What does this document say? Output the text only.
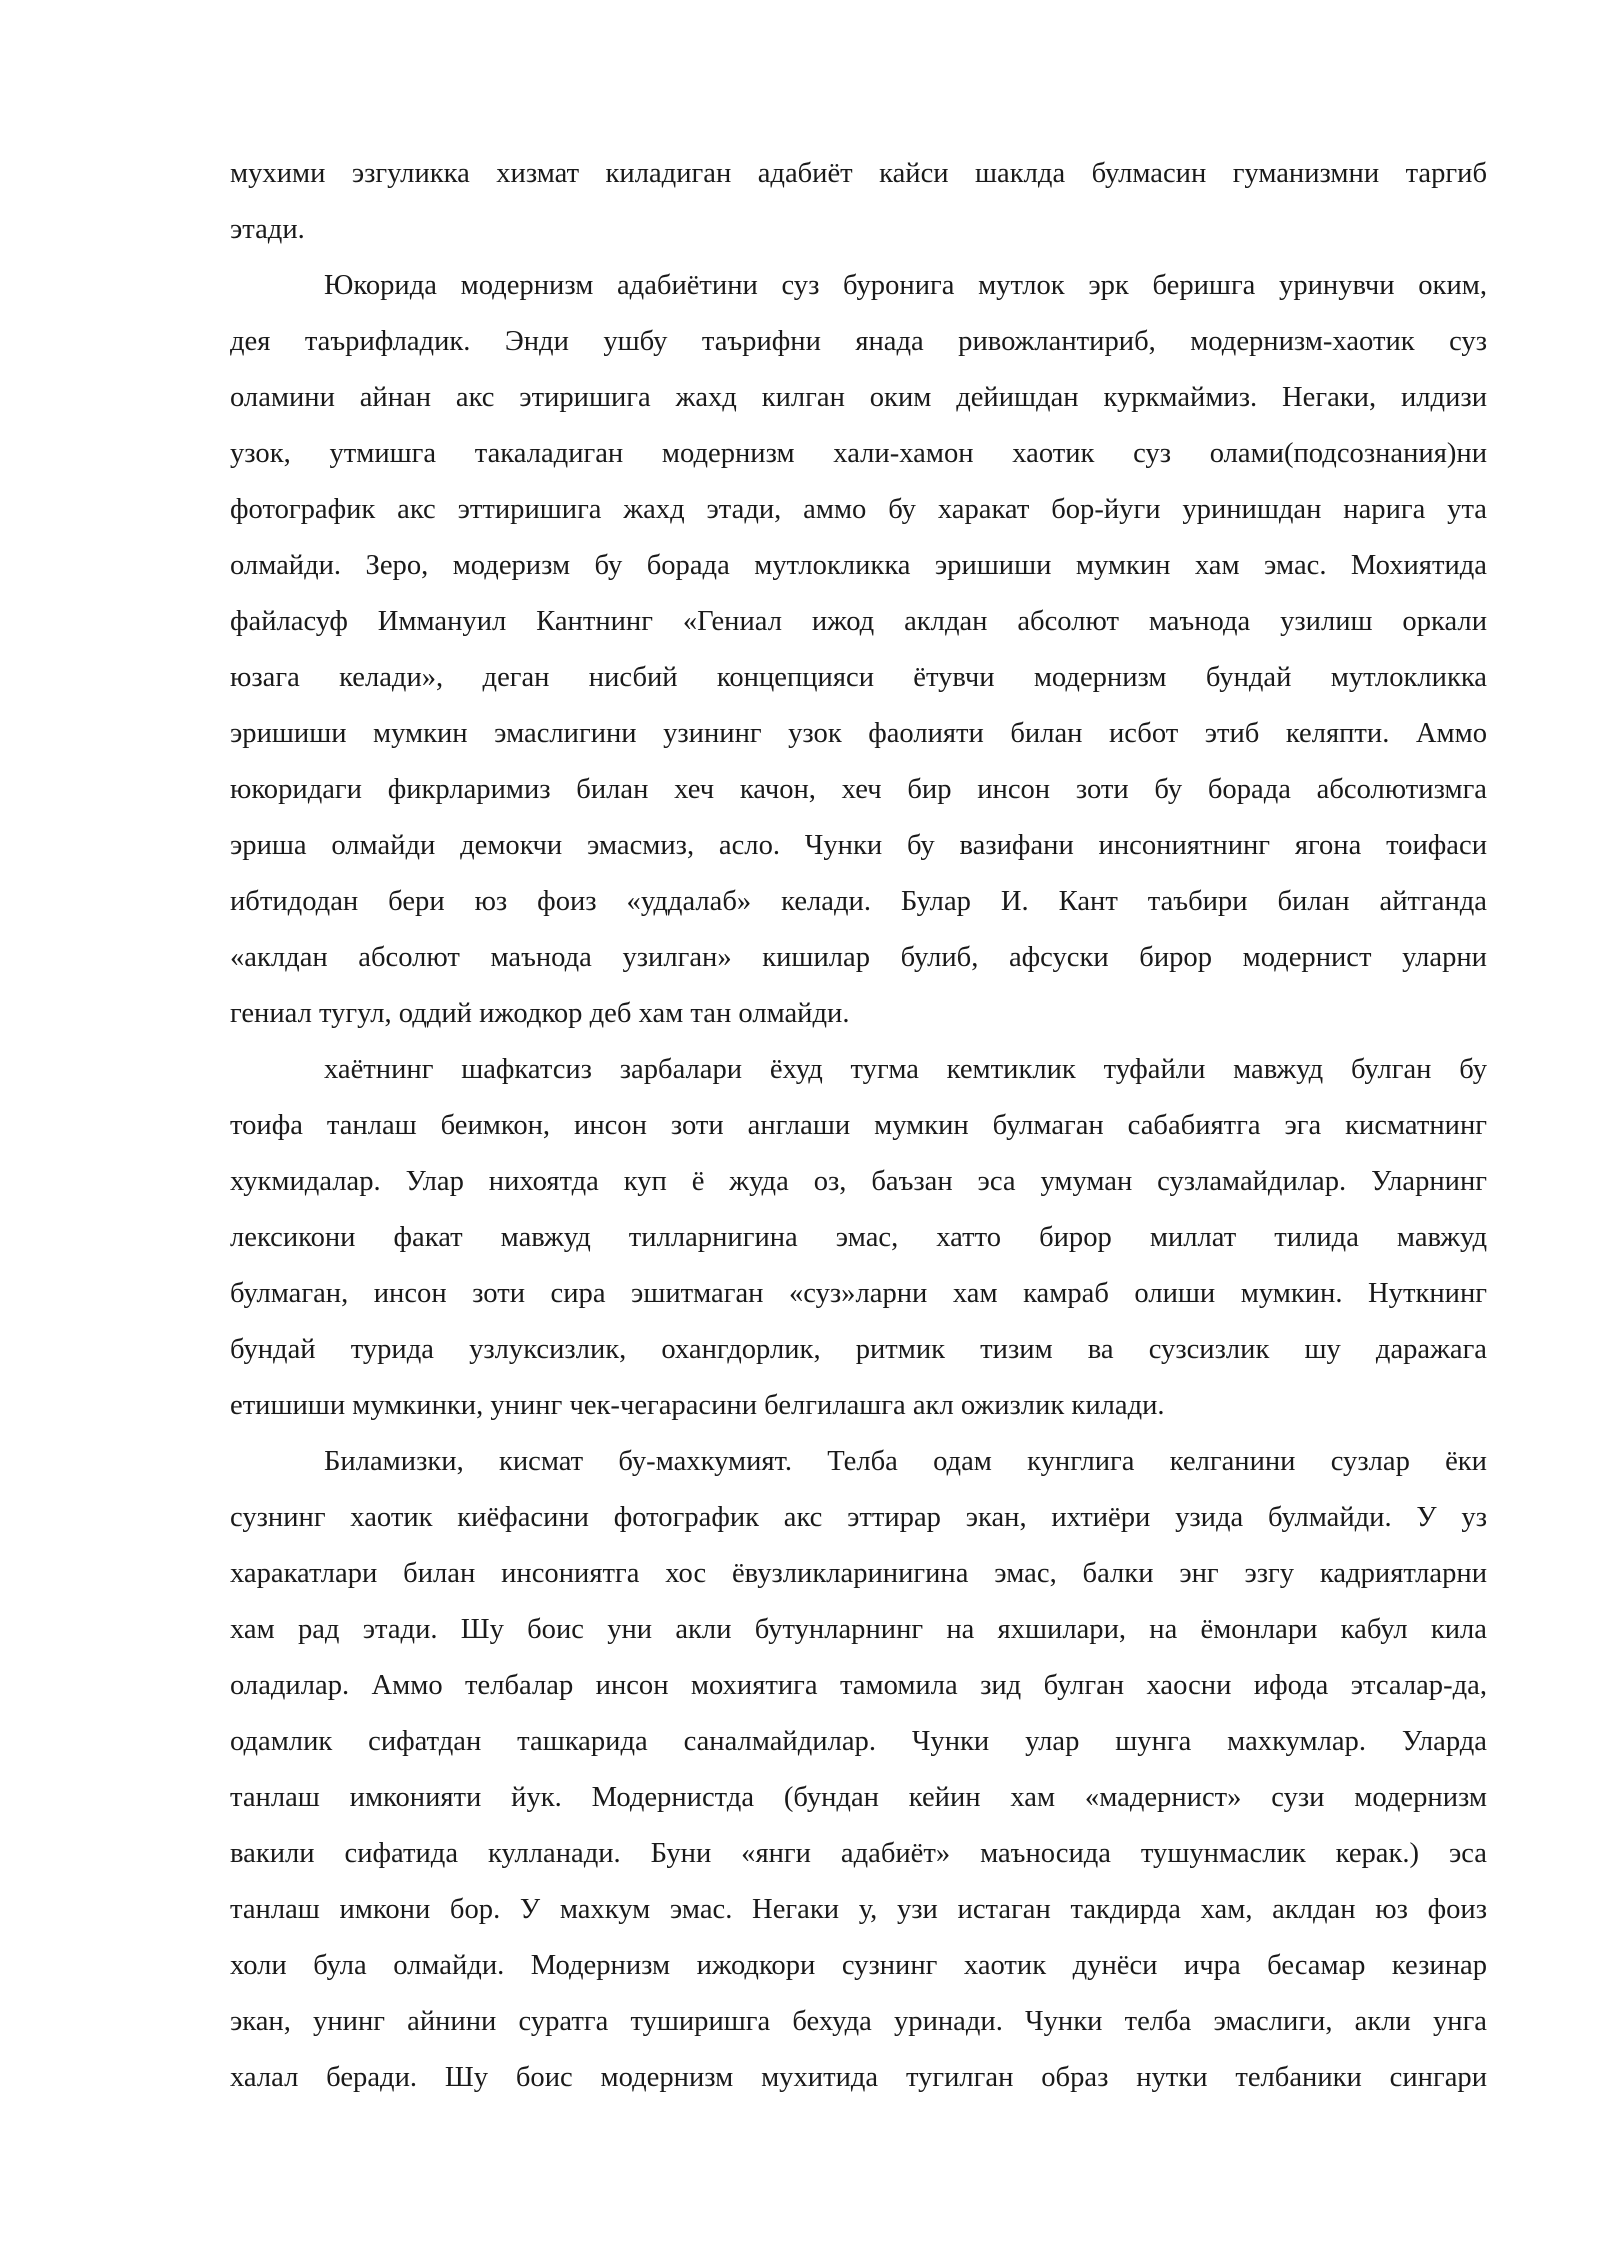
мухими эзгуликка хизмат киладиган адабиёт кайси шаклда булмасин гуманизмни таргиб
этади.
Юкорида модернизм адабиётини суз буронига мутлок эрк беришга уринувчи оким,
дея таърифладик. Энди ушбу таърифни янада ривожлантириб, модернизм-хаотик суз
оламини айнан акс этиришига жахд килган оким дейишдан куркмаймиз. Негаки, илдизи
узок, утмишга такаладиган модернизм хали-хамон хаотик суз олами(подсознания)ни
фотографик акс эттиришига жахд этади, аммо бу харакат бор-йуги уринишдан нарига ута
олмайди. Зеро, модеризм бу борада мутлокликка эришиши мумкин хам эмас. Мохиятида
файласуф Иммануил Кантнинг «Гениал ижод аклдан абсолют маънода узилиш оркали
юзага келади», деган нисбий концепцияси ётувчи модернизм бундай мутлокликка
эришиши мумкин эмаслигини узининг узок фаолияти билан исбот этиб келяпти. Аммо
юкоридаги фикрларимиз билан хеч качон, хеч бир инсон зоти бу борада абсолютизмга
эриша олмайди демокчи эмасмиз, асло. Чунки бу вазифани инсониятнинг ягона тоифаси
ибтидодан бери юз фоиз «уддалаб» келади. Булар И. Кант таъбири билан айтганда
«аклдан абсолют маънода узилган» кишилар булиб, афсуски бирор модернист уларни
гениал тугул, оддий ижодкор деб хам тан олмайди.
хаётнинг шафкатсиз зарбалари ёхуд тугма кемтиклик туфайли мавжуд булган бу
тоифа танлаш беимкон, инсон зоти англаши мумкин булмаган сабабиятга эга кисматнинг
хукмидалар. Улар нихоятда куп ё жуда оз, баъзан эса умуман сузламайдилар. Уларнинг
лексикони факат мавжуд тилларнигина эмас, хатто бирор миллат тилида мавжуд
булмаган, инсон зоти сира эшитмаган «суз»ларни хам камраб олиши мумкин. Нуткнинг
бундай турида узлуксизлик, охангдорлик, ритмик тизим ва сузсизлик шу даражага
етишиши мумкинки, унинг чек-чегарасини белгилашга акл ожизлик килади.
Биламизки, кисмат бу-махкумият. Телба одам кунглига келганини сузлар ёки
сузнинг хаотик киёфасини фотографик акс эттирар экан, ихтиёри узида булмайди. У уз
харакатлари билан инсониятга хос ёвузликларинигина эмас, балки энг эзгу кадриятларни
хам рад этади. Шу боис уни акли бутунларнинг на яхшилари, на ёмонлари кабул кила
оладилар. Аммо телбалар инсон мохиятига тамомила зид булган хаосни ифода этсалар-да,
одамлик сифатдан ташкарида саналмайдилар. Чунки улар шунга махкумлар. Уларда
танлаш имконияти йук. Модернистда (бундан кейин хам «мадернист» сузи модернизм
вакили сифатида кулланади. Буни «янги адабиёт» маъносида тушунмаслик керак.) эса
танлаш имкони бор. У махкум эмас. Негаки у, узи истаган такдирда хам, аклдан юз фоиз
холи була олмайди. Модернизм ижодкори сузнинг хаотик дунёси ичра бесамар кезинар
экан, унинг айнини суратга туширишга бехуда уринади. Чунки телба эмаслиги, акли унга
халал беради. Шу боис модернизм мухитида тугилган образ нутки телбаники сингари
